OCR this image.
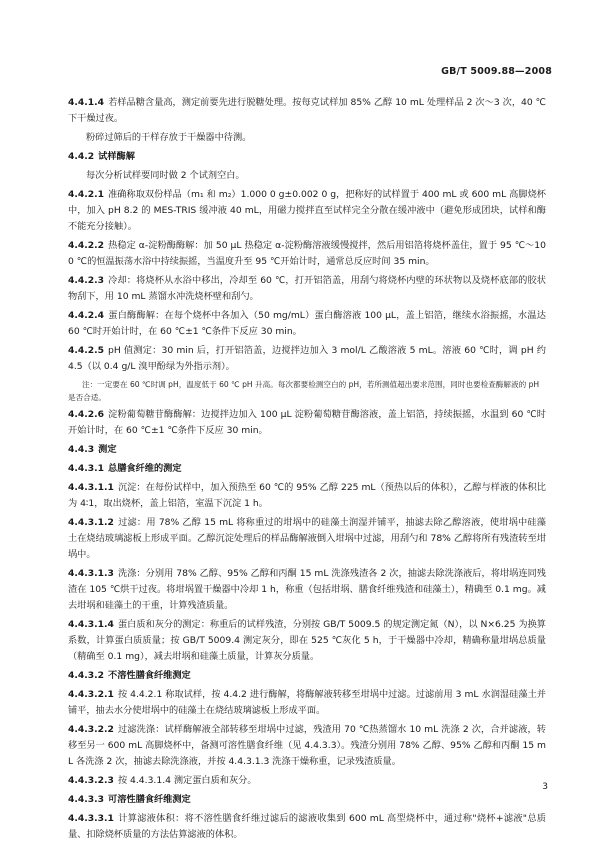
GB/T 5009.88—2008
4.4.1.4 若样品糖含量高，测定前要先进行脱糖处理。按每克试样加 85% 乙醇 10 mL 处理样品 2 次～3 次，40 ℃下干燥过夜。
粉碎过筛后的干样存放于干燥器中待测。
4.4.2 试样酶解
每次分析试样要同时做 2 个试剂空白。
4.4.2.1 准确称取双份样品（m₁ 和 m₂）1.000 0 g±0.002 0 g，把称好的试样置于 400 mL 或 600 mL 高脚烧杯中，加入 pH 8.2 的 MES-TRIS 缓冲液 40 mL，用磁力搅拌直至试样完全分散在缓冲液中（避免形成团块，试样和酶不能充分接触）。
4.4.2.2 热稳定 α-淀粉酶酶解：加 50 μL 热稳定 α-淀粉酶溶液缓慢搅拌，然后用铝箔将烧杯盖住，置于 95 ℃～100 ℃的恒温振荡水浴中持续振摇，当温度升至 95 ℃开始计时，通常总反应时间 35 min。
4.4.2.3 冷却：将烧杯从水浴中移出，冷却至 60 ℃，打开铝箔盖，用刮勺将烧杯内壁的环状物以及烧杯底部的胶状物刮下，用 10 mL 蒸馏水冲洗烧杯壁和刮勺。
4.4.2.4 蛋白酶酶解：在每个烧杯中各加入（50 mg/mL）蛋白酶溶液 100 μL，盖上铝箔，继续水浴振摇，水温达 60 ℃时开始计时，在 60 ℃±1 ℃条件下反应 30 min。
4.4.2.5 pH 值测定：30 min 后，打开铝箔盖，边搅拌边加入 3 mol/L 乙酸溶液 5 mL。溶液 60 ℃时，调 pH 约 4.5（以 0.4 g/L 溴甲酚绿为外指示剂）。
注：一定要在 60 ℃时调 pH，温度低于 60 ℃ pH 升高。每次都要检测空白的 pH，若所测值超出要求范围，同时也要检查酶解液的 pH 是否合适。
4.4.2.6 淀粉葡萄糖苷酶酶解：边搅拌边加入 100 μL 淀粉葡萄糖苷酶溶液，盖上铝箔，持续振摇，水温到 60 ℃时开始计时，在 60 ℃±1 ℃条件下反应 30 min。
4.4.3 测定
4.4.3.1 总膳食纤维的测定
4.4.3.1.1 沉淀：在每份试样中，加入预热至 60 ℃的 95% 乙醇 225 mL（预热以后的体积），乙醇与样液的体积比为 4∶1，取出烧杯，盖上铝箔，室温下沉淀 1 h。
4.4.3.1.2 过滤：用 78% 乙醇 15 mL 将称重过的坩埚中的硅藻土润湿并铺平，抽滤去除乙醇溶液，使坩埚中硅藻土在烧结玻璃滤板上形成平面。乙醇沉淀处理后的样品酶解液倒入坩埚中过滤，用刮勺和 78% 乙醇将所有残渣转至坩埚中。
4.4.3.1.3 洗涤：分别用 78% 乙醇、95% 乙醇和丙酮 15 mL 洗涤残渣各 2 次，抽滤去除洗涤液后，将坩埚连同残渣在 105 ℃烘干过夜。将坩埚置干燥器中冷却 1 h，称重（包括坩埚、膳食纤维残渣和硅藻土），精确至 0.1 mg。减去坩埚和硅藻土的干重，计算残渣质量。
4.4.3.1.4 蛋白质和灰分的测定：称重后的试样残渣，分别按 GB/T 5009.5 的规定测定氮（N），以 N×6.25 为换算系数，计算蛋白质质量；按 GB/T 5009.4 测定灰分，即在 525 ℃灰化 5 h，于干燥器中冷却，精确称量坩埚总质量（精确至 0.1 mg），减去坩埚和硅藻土质量，计算灰分质量。
4.4.3.2 不溶性膳食纤维测定
4.4.3.2.1 按 4.4.2.1 称取试样，按 4.4.2 进行酶解，将酶解液转移至坩埚中过滤。过滤前用 3 mL 水润湿硅藻土并铺平，抽去水分使坩埚中的硅藻土在烧结玻璃滤板上形成平面。
4.4.3.2.2 过滤洗涤：试样酶解液全部转移至坩埚中过滤，残渣用 70 ℃热蒸馏水 10 mL 洗涤 2 次，合并滤液，转移至另一 600 mL 高脚烧杯中，备测可溶性膳食纤维（见 4.4.3.3）。残渣分别用 78% 乙醇、95% 乙醇和丙酮 15 mL 各洗涤 2 次，抽滤去除洗涤液，并按 4.4.3.1.3 洗涤干燥称重，记录残渣质量。
4.4.3.2.3 按 4.4.3.1.4 测定蛋白质和灰分。
4.4.3.3 可溶性膳食纤维测定
4.4.3.3.1 计算滤液体积：将不溶性膳食纤维过滤后的滤液收集到 600 mL 高型烧杯中，通过称"烧杯+滤液"总质量、扣除烧杯质量的方法估算滤液的体积。
3
